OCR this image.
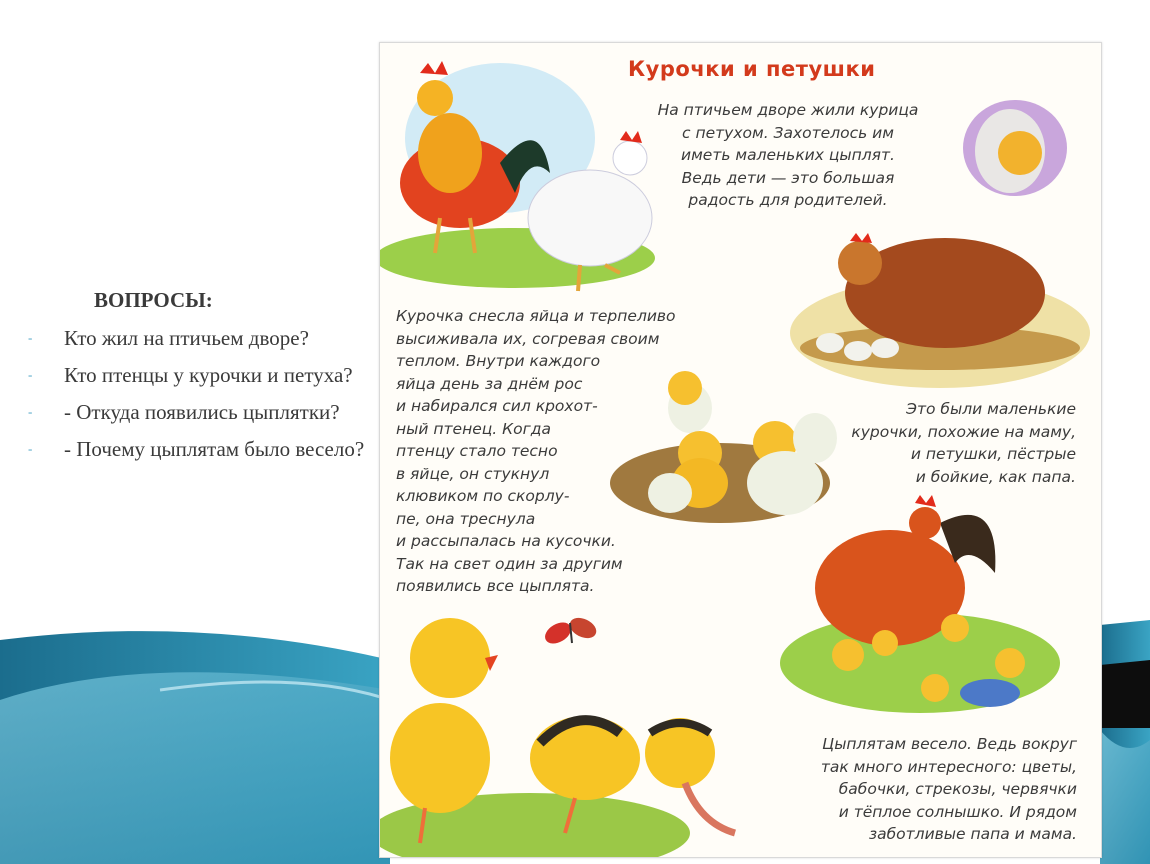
ВОПРОСЫ:
- Кто жил на птичьем дворе?
- Кто птенцы у курочки и петуха?
- - Откуда появились цыплятки?
- - Почему цыплятам было весело?
Курочки и петушки
На птичьем дворе жили курица
с петухом. Захотелось им
иметь маленьких цыплят.
Ведь дети — это большая
радость для родителей.
Курочка снесла яйца и терпеливо
высиживала их, согревая своим
теплом. Внутри каждого
яйца день за днём рос
и набирался сил крохот-
ный птенец. Когда
птенцу стало тесно
в яйце, он стукнул
клювиком по скорлу-
пе, она треснула
и рассыпалась на кусочки.
Так на свет один за другим
появились все цыплята.
Это были маленькие
курочки, похожие на маму,
и петушки, пёстрые
и бойкие, как папа.
Цыплятам весело. Ведь вокруг
так много интересного: цветы,
бабочки, стрекозы, червячки
и тёплое солнышко. И рядом
заботливые папа и мама.
